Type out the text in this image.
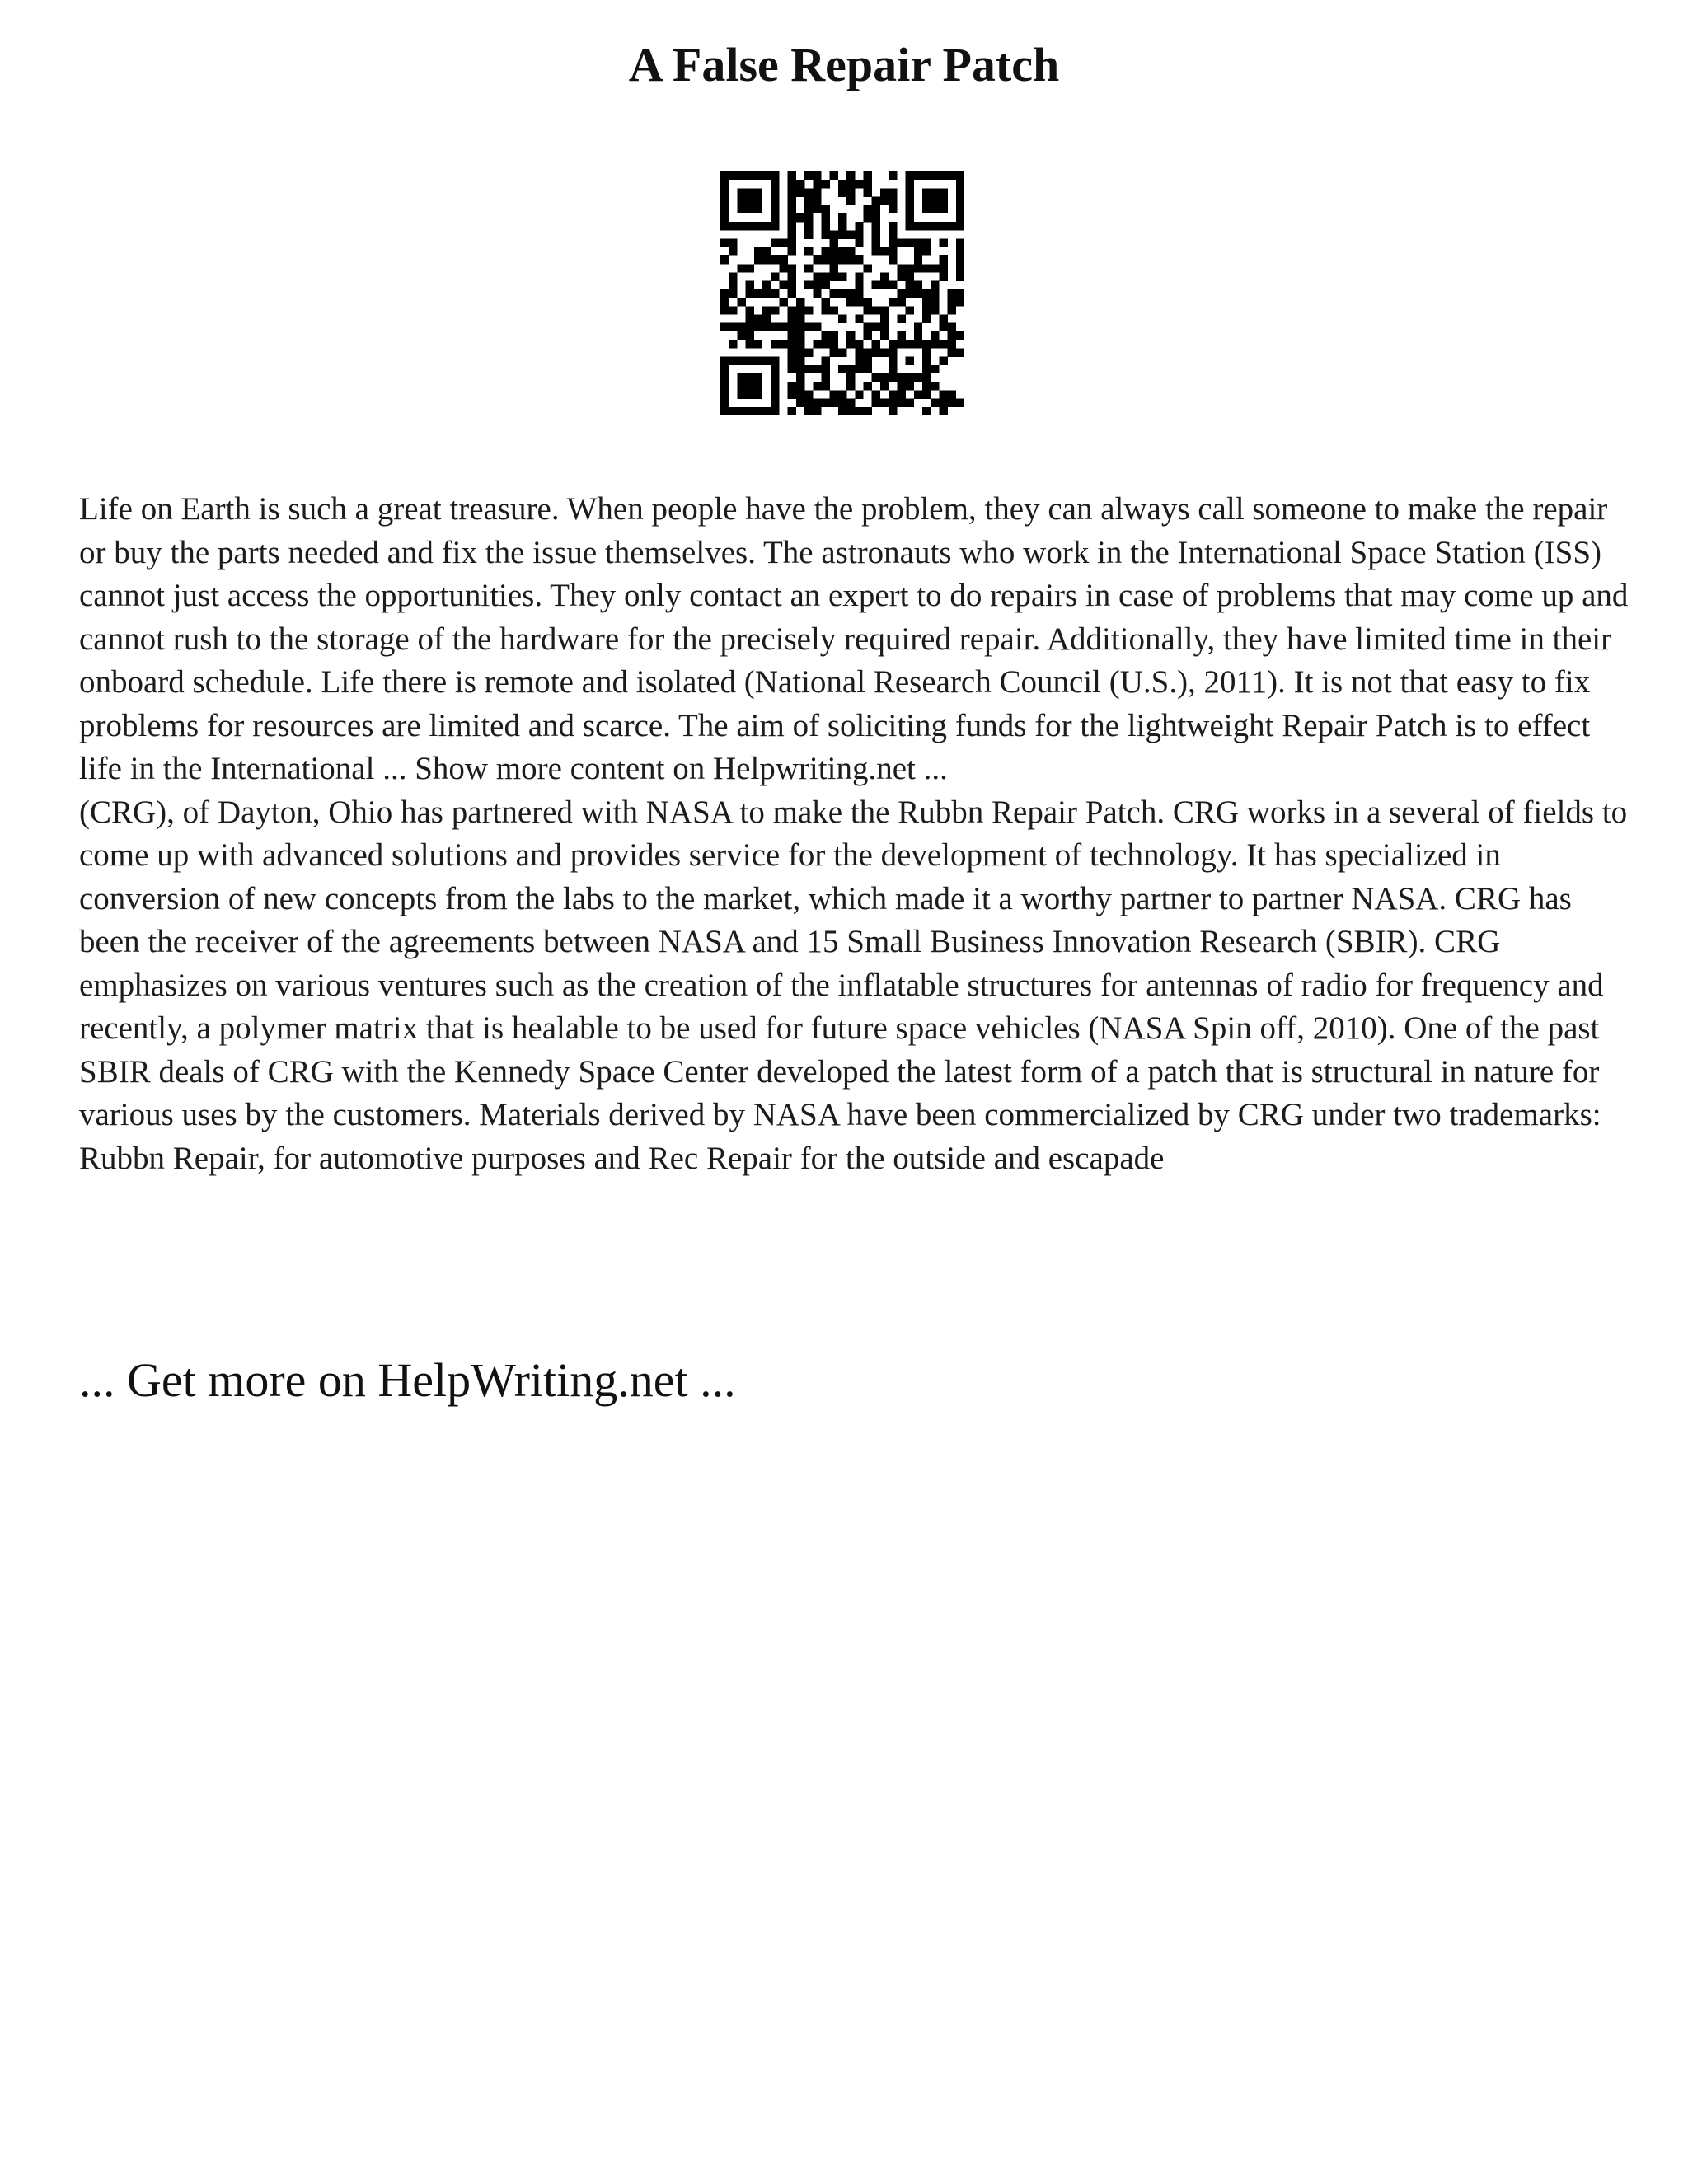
A False Repair Patch

Life on Earth is such a great treasure. When people have the problem, they can always call someone to make the repair or buy the parts needed and fix the issue themselves. The astronauts who work in the International Space Station (ISS) cannot just access the opportunities. They only contact an expert to do repairs in case of problems that may come up and cannot rush to the storage of the hardware for the precisely required repair. Additionally, they have limited time in their onboard schedule. Life there is remote and isolated (National Research Council (U.S.), 2011). It is not that easy to fix problems for resources are limited and scarce. The aim of soliciting funds for the lightweight Repair Patch is to effect life in the International ... Show more content on Helpwriting.net ...

(CRG), of Dayton, Ohio has partnered with NASA to make the Rubbn Repair Patch. CRG works in a several of fields to come up with advanced solutions and provides service for the development of technology. It has specialized in conversion of new concepts from the labs to the market, which made it a worthy partner to partner NASA. CRG has been the receiver of the agreements between NASA and 15 Small Business Innovation Research (SBIR). CRG emphasizes on various ventures such as the creation of the inflatable structures for antennas of radio for frequency and recently, a polymer matrix that is healable to be used for future space vehicles (NASA Spin off, 2010). One of the past SBIR deals of CRG with the Kennedy Space Center developed the latest form of a patch that is structural in nature for various uses by the customers. Materials derived by NASA have been commercialized by CRG under two trademarks: Rubbn Repair, for automotive purposes and Rec Repair for the outside and escapade

... Get more on HelpWriting.net ...
